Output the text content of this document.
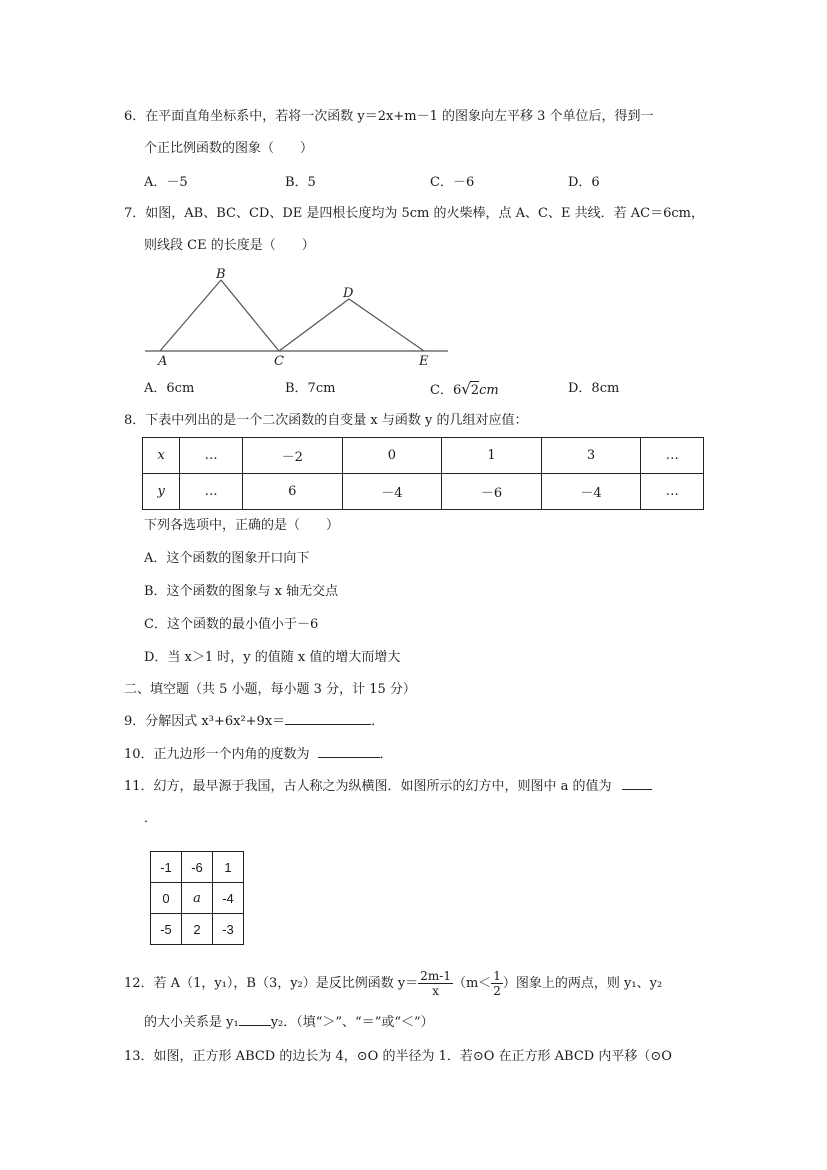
6．在平面直角坐标系中，若将一次函数 y＝2x+m－1 的图象向左平移 3 个单位后，得到一
个正比例函数的图象（　　）
A．－5	B．5	C．－6	D．6
7．如图，AB、BC、CD、DE 是四根长度均为 5cm 的火柴棒，点 A、C、E 共线．若 AC＝6cm，
则线段 CE 的长度是（　　）
A
B
C
D
E
A．6cm	B．7cm	C．6√2cm	D．8cm
8．下表中列出的是一个二次函数的自变量 x 与函数 y 的几组对应值：
x	…	－2	0	1	3	…
y	…	6	－4	－6	－4	…
下列各选项中，正确的是（　　）
A．这个函数的图象开口向下
B．这个函数的图象与 x 轴无交点
C．这个函数的最小值小于－6
D．当 x＞1 时，y 的值随 x 值的增大而增大
二、填空题（共 5 小题，每小题 3 分，计 15 分）
9．分解因式 x³+6x²+9x＝	．
10．正九边形一个内角的度数为	．
11．幻方，最早源于我国，古人称之为纵横图．如图所示的幻方中，则图中 a 的值为
．
-1	-6	1
0	a	-4
-5	2	-3
12．若 A（1，y₁），B（3，y₂）是反比例函数 $y= \frac{2m-1}{x} (m< \frac{1}{2}$ ）图象上的两点，则 y₁、y₂
的大小关系是 y₁ y₂．（填“＞”、“＝”或“＜”）
13．如图，正方形 ABCD 的边长为 4，⊙O 的半径为 1．若⊙O 在正方形 ABCD 内平移（⊙O
